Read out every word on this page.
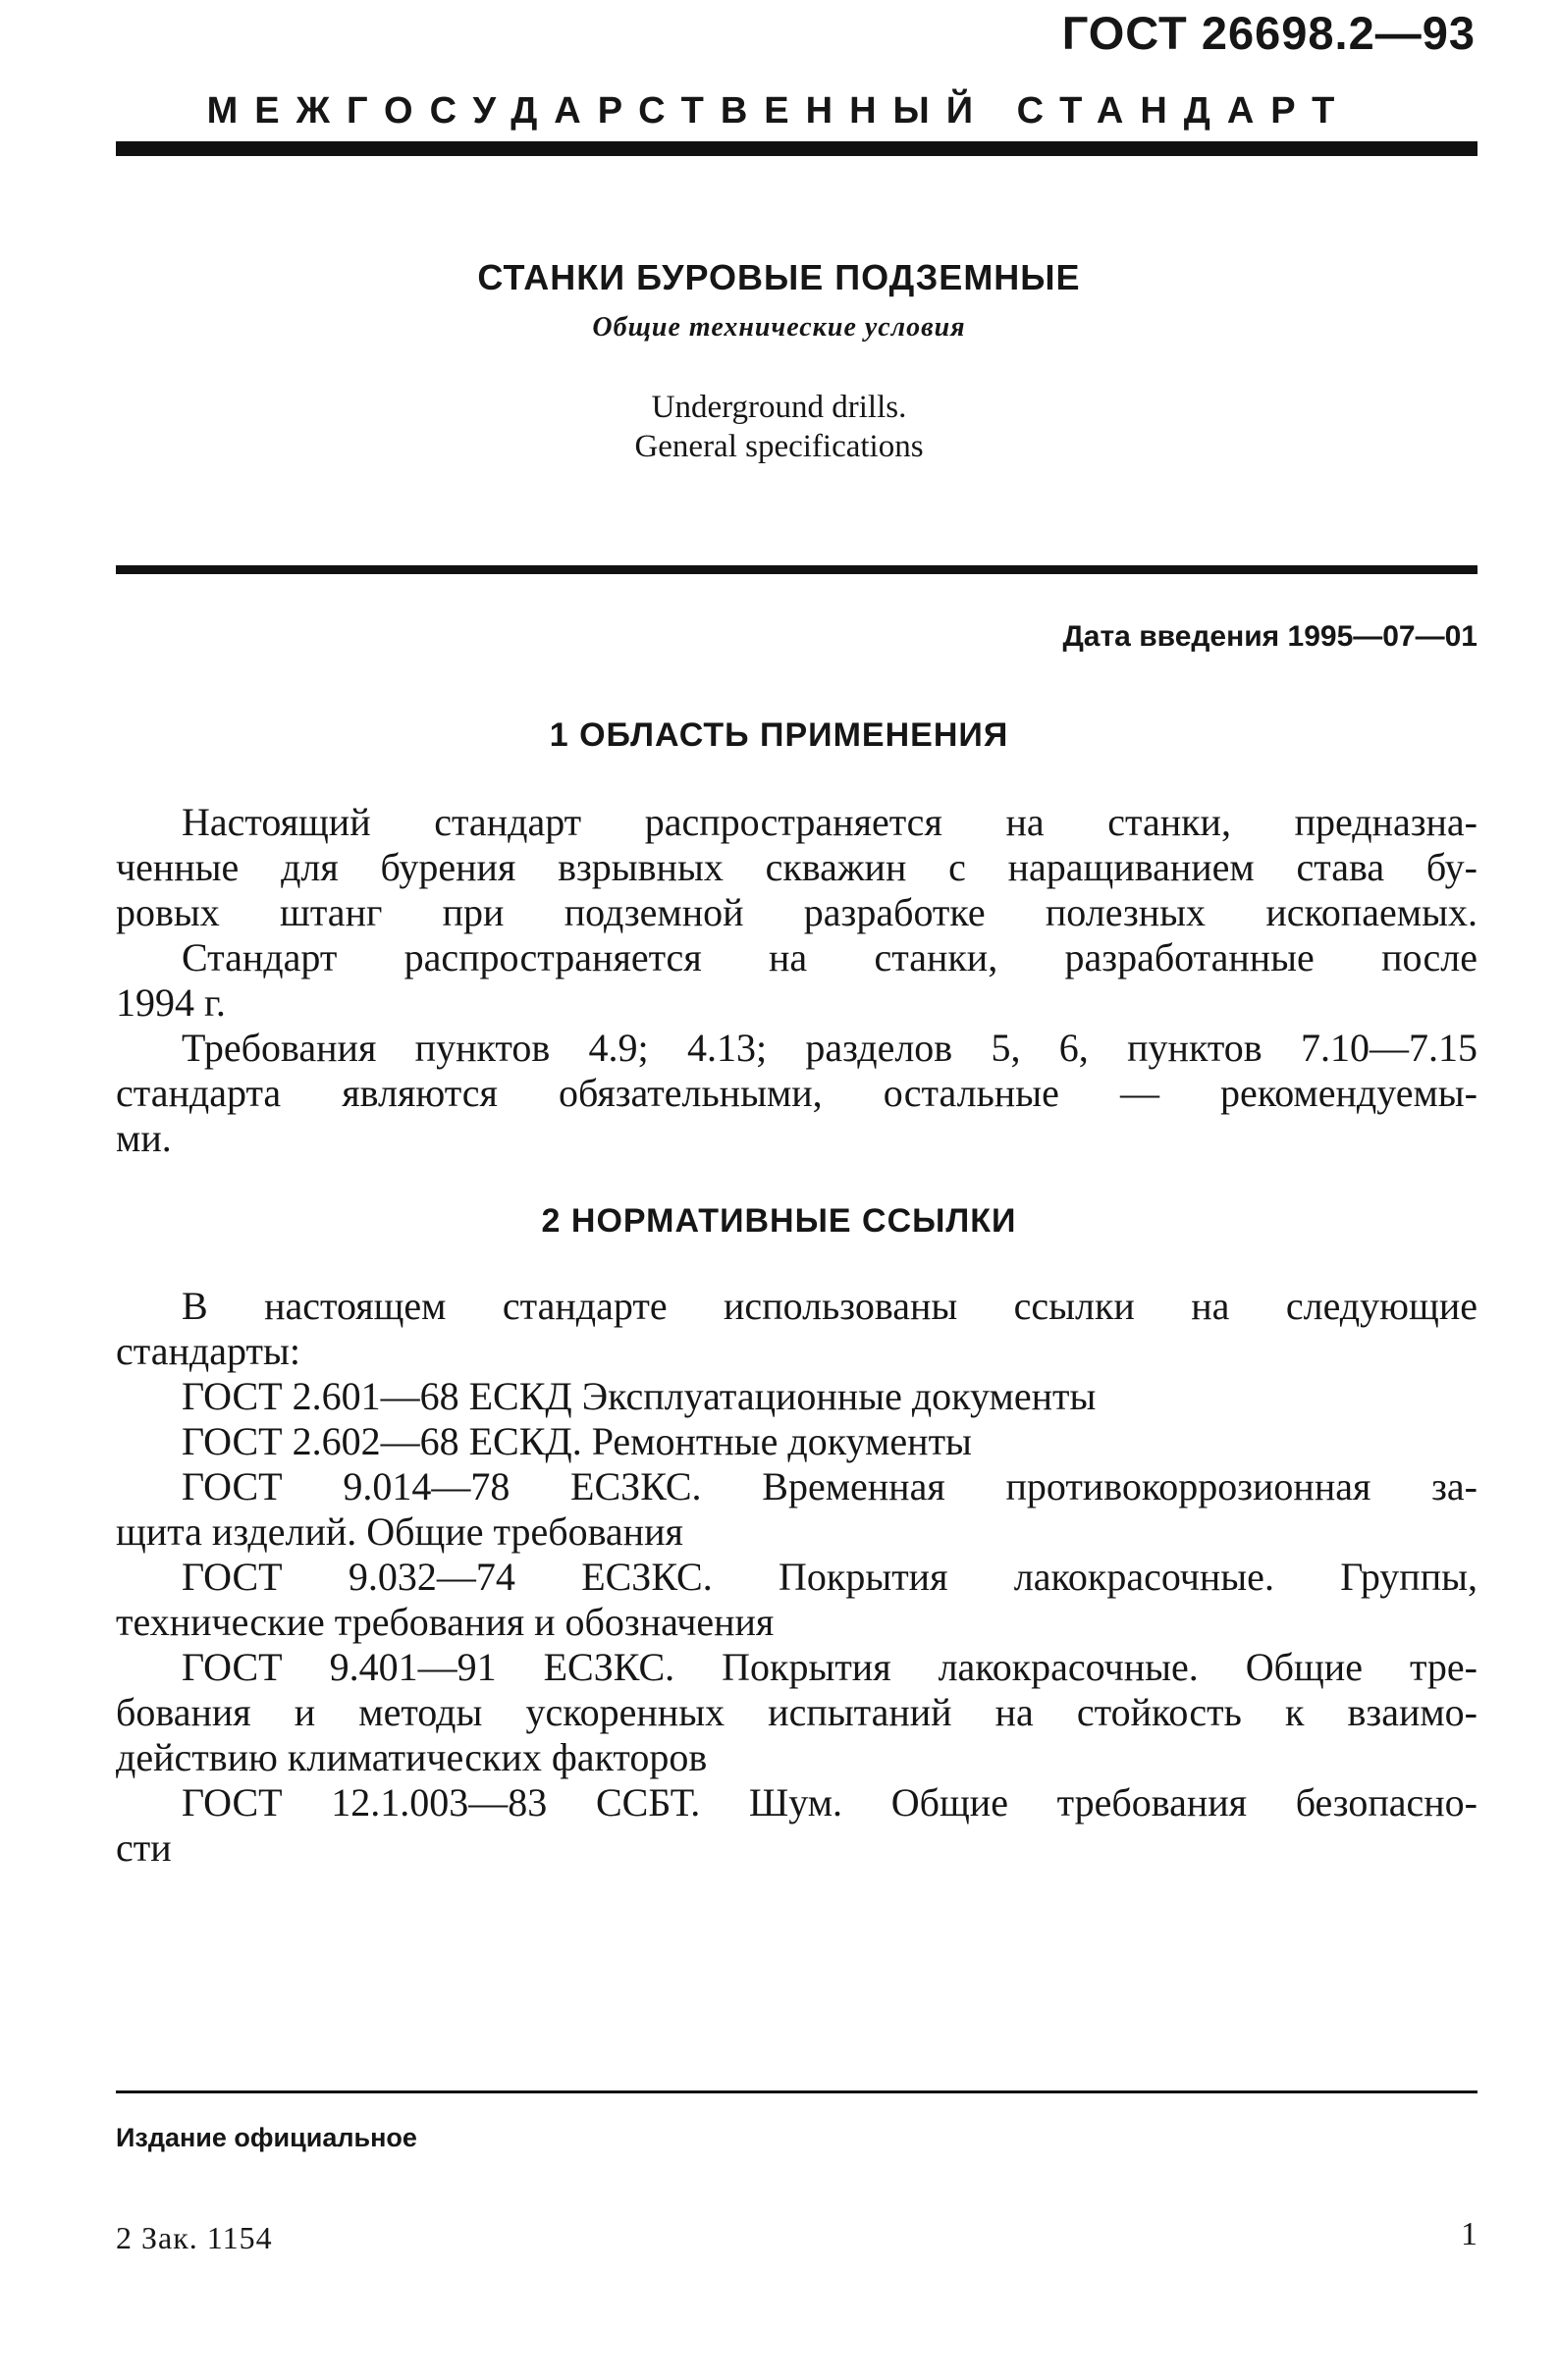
ГОСТ 26698.2—93
МЕЖГОСУДАРСТВЕННЫЙ СТАНДАРТ
СТАНКИ БУРОВЫЕ ПОДЗЕМНЫЕ
Общие технические условия
Underground drills.
General specifications
Дата введения 1995—07—01
1 ОБЛАСТЬ ПРИМЕНЕНИЯ
Настоящий стандарт распространяется на станки, предназна-
ченные для бурения взрывных скважин с наращиванием става бу-
ровых штанг при подземной разработке полезных ископаемых.
Стандарт распространяется на станки, разработанные после
1994 г.
Требования пунктов 4.9; 4.13; разделов 5, 6, пунктов 7.10—7.15
стандарта являются обязательными, остальные — рекомендуемы-
ми.
2 НОРМАТИВНЫЕ ССЫЛКИ
В настоящем стандарте использованы ссылки на следующие
стандарты:
ГОСТ 2.601—68 ЕСКД Эксплуатационные документы
ГОСТ 2.602—68 ЕСКД. Ремонтные документы
ГОСТ 9.014—78 ЕСЗКС. Временная противокоррозионная за-
щита изделий. Общие требования
ГОСТ 9.032—74 ЕСЗКС. Покрытия лакокрасочные. Группы,
технические требования и обозначения
ГОСТ 9.401—91 ЕСЗКС. Покрытия лакокрасочные. Общие тре-
бования и методы ускоренных испытаний на стойкость к взаимо-
действию климатических факторов
ГОСТ 12.1.003—83 ССБТ. Шум. Общие требования безопасно-
сти
Издание официальное
2 Зак. 1154	1
